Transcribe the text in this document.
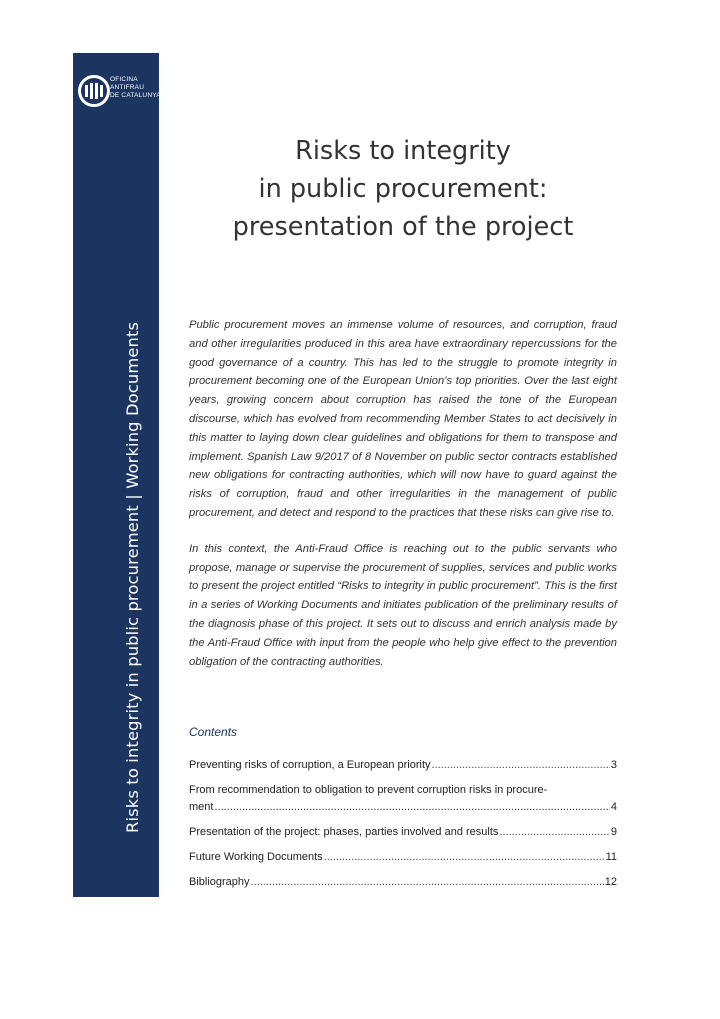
OFICINA
ANTIFRAU
DE CATALUNYA
Risks to integrity in public procurement | Working Documents
1
Risks to integrity
in public procurement:
presentation of the project

Public procurement moves an immense volume of resources, and corruption, fraud and other irregularities produced in this area have extraordinary repercussions for the good governance of a country. This has led to the struggle to promote integrity in procurement becoming one of the European Union’s top priorities. Over the last eight years, growing concern about corruption has raised the tone of the European discourse, which has evolved from recommending Member States to act decisively in this matter to laying down clear guidelines and obligations for them to transpose and implement. Spanish Law 9/2017 of 8 November on public sector contracts established new obligations for contracting authorities, which will now have to guard against the risks of corruption, fraud and other irregularities in the management of public procurement, and detect and respond to the practices that these risks can give rise to.

In this context, the Anti-Fraud Office is reaching out to the public servants who propose, manage or supervise the procurement of supplies, services and public works to present the project entitled “Risks to integrity in public procurement”. This is the first in a series of Working Documents and initiates publication of the preliminary results of the diagnosis phase of this project. It sets out to discuss and enrich analysis made by the Anti-Fraud Office with input from the people who help give effect to the prevention obligation of the contracting authorities.

Contents
Preventing risks of corruption, a European priority .....	3
From recommendation to obligation to prevent corruption risks in procure-
ment .....	4
Presentation of the project: phases, parties involved and results .....	9
Future Working Documents .....	11
Bibliography .....	12
